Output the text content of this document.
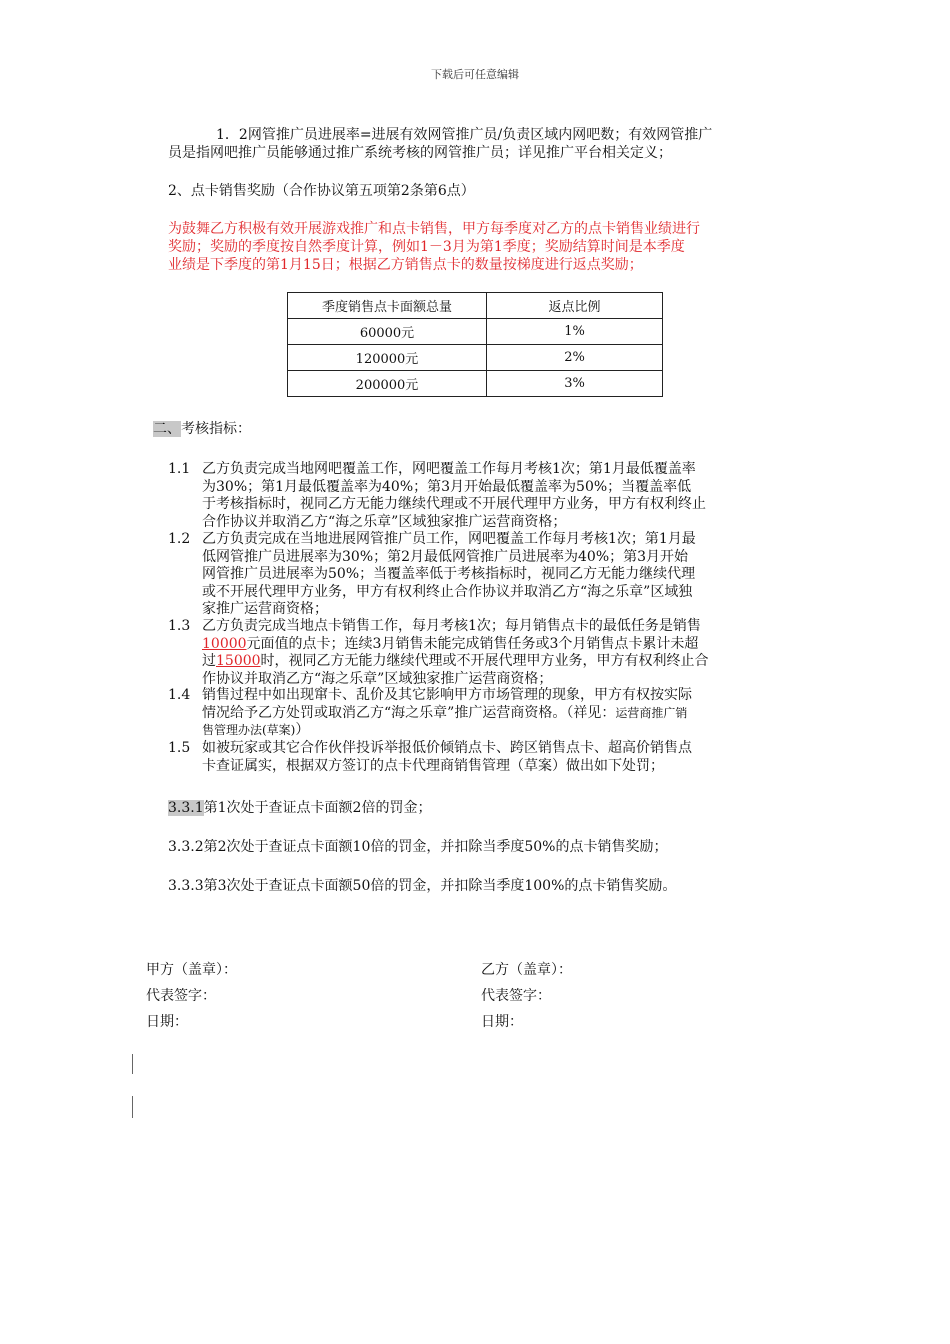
下载后可任意编辑
1．2网管推广员进展率=进展有效网管推广员/负责区域内网吧数；有效网管推广
员是指网吧推广员能够通过推广系统考核的网管推广员；详见推广平台相关定义；
2、点卡销售奖励（合作协议第五项第2条第6点）
为鼓舞乙方积极有效开展游戏推广和点卡销售，甲方每季度对乙方的点卡销售业绩进行
奖励；奖励的季度按自然季度计算，例如1－3月为第1季度；奖励结算时间是本季度
业绩是下季度的第1月15日；根据乙方销售点卡的数量按梯度进行返点奖励；
季度销售点卡面额总量	返点比例
60000元	1%
120000元	2%
200000元	3%
二、考核指标：
1.1 乙方负责完成当地网吧覆盖工作，网吧覆盖工作每月考核1次；第1月最低覆盖率
为30%；第1月最低覆盖率为40%；第3月开始最低覆盖率为50%；当覆盖率低
于考核指标时，视同乙方无能力继续代理或不开展代理甲方业务，甲方有权利终止
合作协议并取消乙方“海之乐章”区域独家推广运营商资格；
1.2 乙方负责完成在当地进展网管推广员工作，网吧覆盖工作每月考核1次；第1月最
低网管推广员进展率为30%；第2月最低网管推广员进展率为40%；第3月开始
网管推广员进展率为50%；当覆盖率低于考核指标时，视同乙方无能力继续代理
或不开展代理甲方业务，甲方有权利终止合作协议并取消乙方“海之乐章”区域独
家推广运营商资格；
1.3 乙方负责完成当地点卡销售工作，每月考核1次；每月销售点卡的最低任务是销售
10000元面值的点卡；连续3月销售未能完成销售任务或3个月销售点卡累计未超
过15000时，视同乙方无能力继续代理或不开展代理甲方业务，甲方有权利终止合
作协议并取消乙方“海之乐章”区域独家推广运营商资格；
1.4 销售过程中如出现窜卡、乱价及其它影响甲方市场管理的现象，甲方有权按实际
情况给予乙方处罚或取消乙方“海之乐章”推广运营商资格。（祥见：运营商推广销
售管理办法(草案)）
1.5 如被玩家或其它合作伙伴投诉举报低价倾销点卡、跨区销售点卡、超高价销售点
卡查证属实，根据双方签订的点卡代理商销售管理（草案）做出如下处罚；
3.3.1第1次处于查证点卡面额2倍的罚金；
3.3.2第2次处于查证点卡面额10倍的罚金，并扣除当季度50%的点卡销售奖励；
3.3.3第3次处于查证点卡面额50倍的罚金，并扣除当季度100%的点卡销售奖励。
甲方（盖章）：	乙方（盖章）：
代表签字：	代表签字：
日期：	日期：
